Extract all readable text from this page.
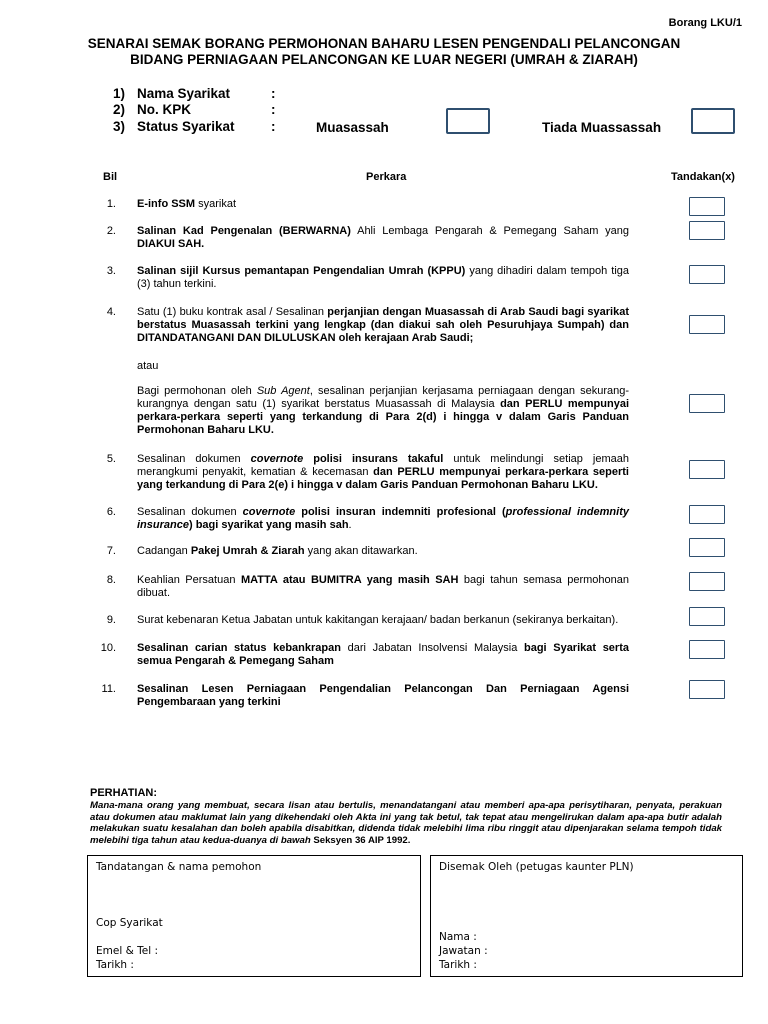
Borang LKU/1
SENARAI SEMAK BORANG PERMOHONAN BAHARU LESEN PENGENDALI PELANCONGAN
BIDANG PERNIAGAAN PELANCONGAN KE LUAR NEGERI (UMRAH & ZIARAH)
1) Nama Syarikat	:
2) No. KPK	:
3) Status Syarikat	:	Muasassah	Tiada Muassassah
Bil	Perkara	Tandakan(x)
1. E-info SSM syarikat
2. Salinan Kad Pengenalan (BERWARNA) Ahli Lembaga Pengarah & Pemegang Saham yang DIAKUI SAH.
3. Salinan sijil Kursus pemantapan Pengendalian Umrah (KPPU) yang dihadiri dalam tempoh tiga (3) tahun terkini.
4. Satu (1) buku kontrak asal / Sesalinan perjanjian dengan Muasassah di Arab Saudi bagi syarikat berstatus Muasassah terkini yang lengkap (dan diakui sah oleh Pesuruhjaya Sumpah) dan DITANDATANGANI DAN DILULUSKAN oleh kerajaan Arab Saudi;
atau
Bagi permohonan oleh Sub Agent, sesalinan perjanjian kerjasama perniagaan dengan sekurang-kurangnya dengan satu (1) syarikat berstatus Muasassah di Malaysia dan PERLU mempunyai perkara-perkara seperti yang terkandung di Para 2(d) i hingga v dalam Garis Panduan Permohonan Baharu LKU.
5. Sesalinan dokumen covernote polisi insurans takaful untuk melindungi setiap jemaah merangkumi penyakit, kematian & kecemasan dan PERLU mempunyai perkara-perkara seperti yang terkandung di Para 2(e) i hingga v dalam Garis Panduan Permohonan Baharu LKU.
6. Sesalinan dokumen covernote polisi insuran indemniti profesional (professional indemnity insurance) bagi syarikat yang masih sah.
7. Cadangan Pakej Umrah & Ziarah yang akan ditawarkan.
8. Keahlian Persatuan MATTA atau BUMITRA yang masih SAH bagi tahun semasa permohonan dibuat.
9. Surat kebenaran Ketua Jabatan untuk kakitangan kerajaan/ badan berkanun (sekiranya berkaitan).
10. Sesalinan carian status kebankrapan dari Jabatan Insolvensi Malaysia bagi Syarikat serta semua Pengarah & Pemegang Saham
11. Sesalinan Lesen Perniagaan Pengendalian Pelancongan Dan Perniagaan Agensi Pengembaraan yang terkini
PERHATIAN:
Mana-mana orang yang membuat, secara lisan atau bertulis, menandatangani atau memberi apa-apa perisytiharan, penyata, perakuan atau dokumen atau maklumat lain yang dikehendaki oleh Akta ini yang tak betul, tak tepat atau mengelirukan dalam apa-apa butir adalah melakukan suatu kesalahan dan boleh apabila disabitkan, didenda tidak melebihi lima ribu ringgit atau dipenjarakan selama tempoh tidak melebihi tiga tahun atau kedua-duanya di bawah Seksyen 36 AIP 1992.
Tandatangan & nama pemohon
Cop Syarikat
Emel & Tel :
Tarikh :
Disemak Oleh (petugas kaunter PLN)
Nama :
Jawatan :
Tarikh :
